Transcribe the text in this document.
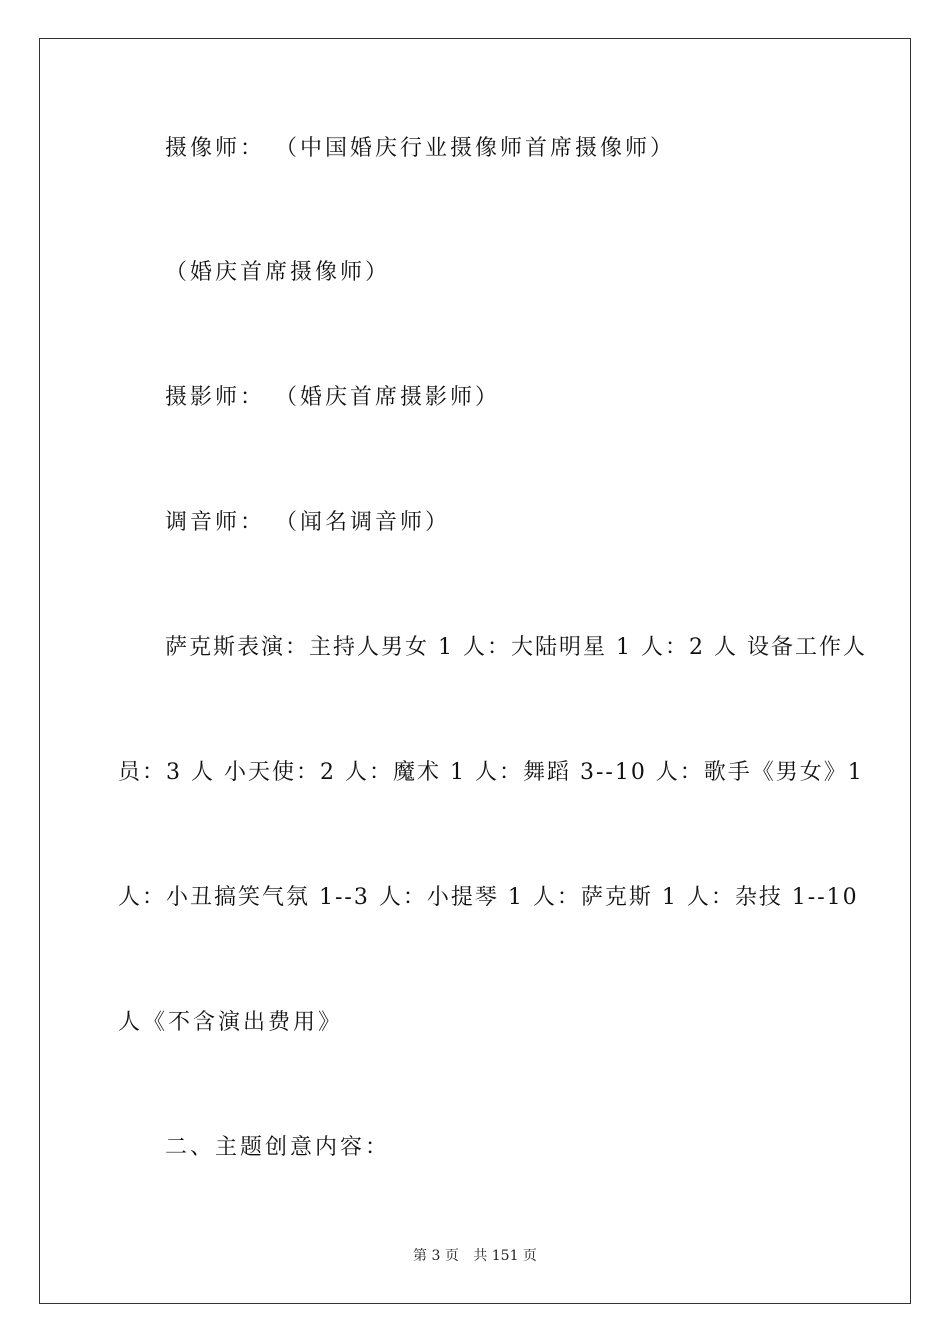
摄像师： （中国婚庆行业摄像师首席摄像师）
（婚庆首席摄像师）
摄影师： （婚庆首席摄影师）
调音师： （闻名调音师）
萨克斯表演：主持人男女 1 人：大陆明星 1 人：2 人 设备工作人
员：3 人 小天使：2 人：魔术 1 人：舞蹈 3--10 人：歌手《男女》1
人：小丑搞笑气氛 1--3 人：小提琴 1 人：萨克斯 1 人：杂技 1--10
人《不含演出费用》
二、主题创意内容：
第 3 页 共 151 页
